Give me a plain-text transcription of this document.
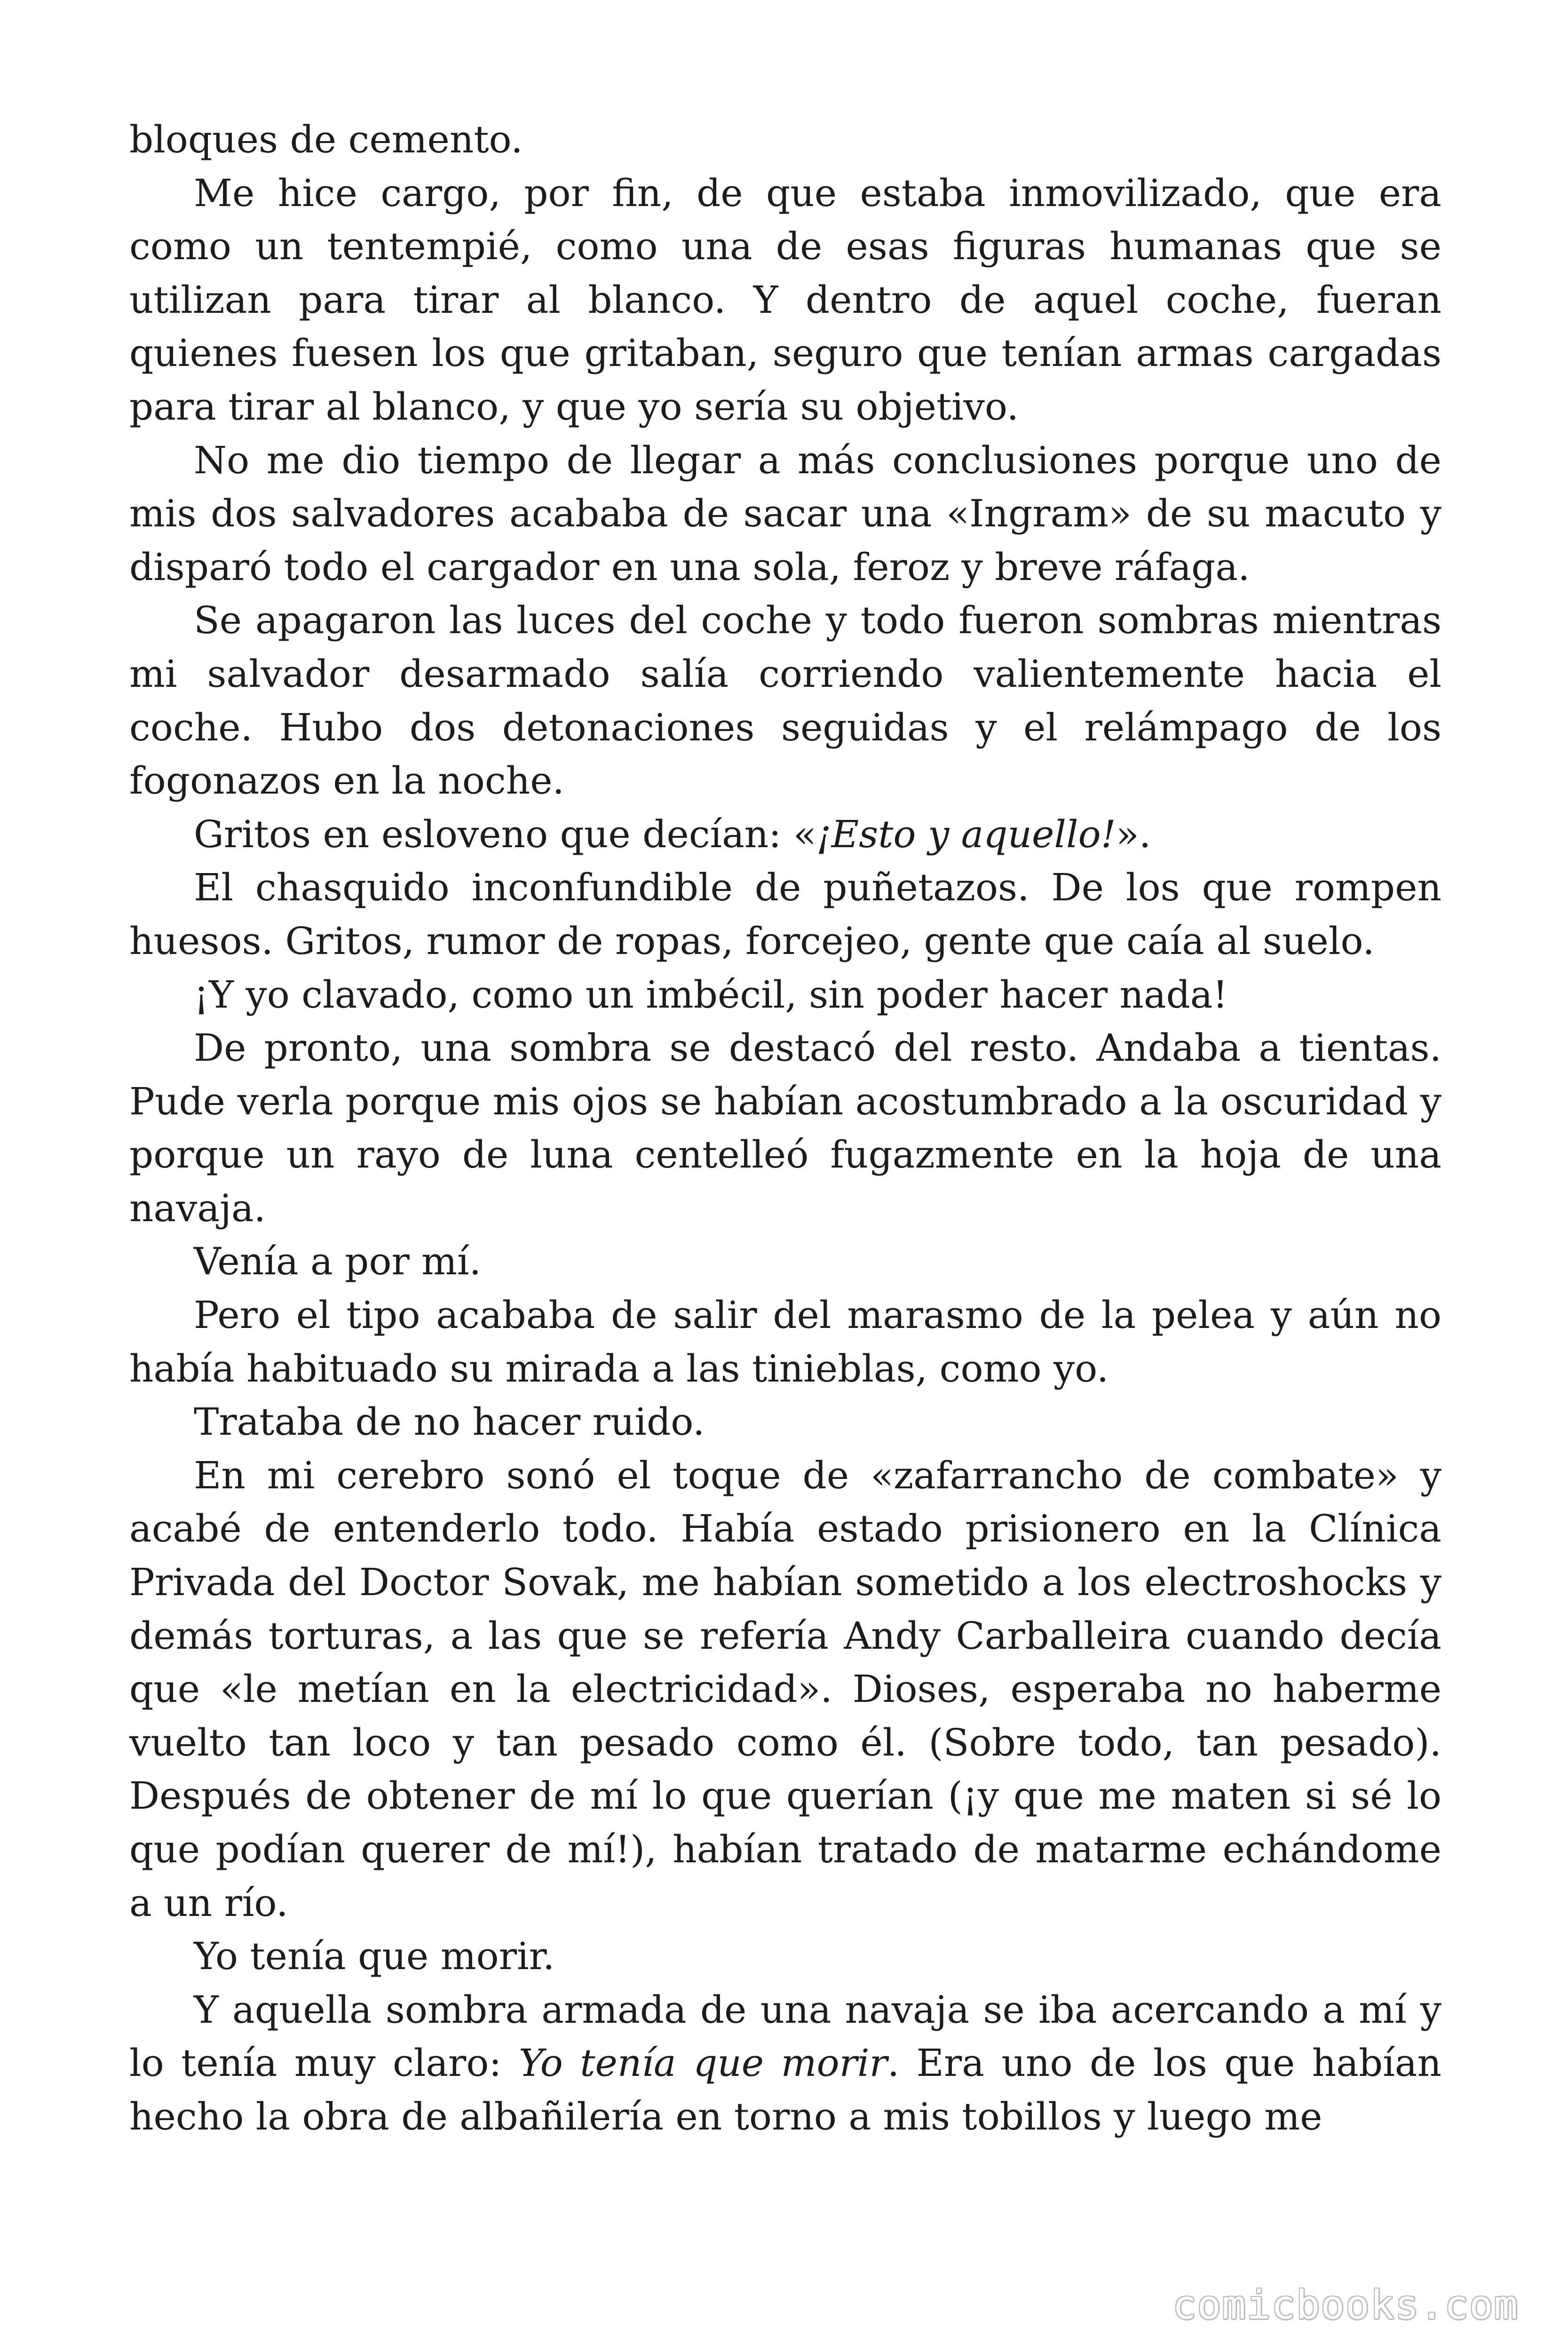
bloques de cemento.

Me hice cargo, por fin, de que estaba inmovilizado, que era como un tentempié, como una de esas figuras humanas que se utilizan para tirar al blanco. Y dentro de aquel coche, fueran quienes fuesen los que gritaban, seguro que tenían armas cargadas para tirar al blanco, y que yo sería su objetivo.

No me dio tiempo de llegar a más conclusiones porque uno de mis dos salvadores acababa de sacar una «Ingram» de su macuto y disparó todo el cargador en una sola, feroz y breve ráfaga.

Se apagaron las luces del coche y todo fueron sombras mientras mi salvador desarmado salía corriendo valientemente hacia el coche. Hubo dos detonaciones seguidas y el relámpago de los fogonazos en la noche.

Gritos en esloveno que decían: «¡Esto y aquello!».

El chasquido inconfundible de puñetazos. De los que rompen huesos. Gritos, rumor de ropas, forcejeo, gente que caía al suelo.

¡Y yo clavado, como un imbécil, sin poder hacer nada!

De pronto, una sombra se destacó del resto. Andaba a tientas. Pude verla porque mis ojos se habían acostumbrado a la oscuridad y porque un rayo de luna centelleó fugazmente en la hoja de una navaja.

Venía a por mí.

Pero el tipo acababa de salir del marasmo de la pelea y aún no había habituado su mirada a las tinieblas, como yo.

Trataba de no hacer ruido.

En mi cerebro sonó el toque de «zafarrancho de combate» y acabé de entenderlo todo. Había estado prisionero en la Clínica Privada del Doctor Sovak, me habían sometido a los electroshocks y demás torturas, a las que se refería Andy Carballeira cuando decía que «le metían en la electricidad». Dioses, esperaba no haberme vuelto tan loco y tan pesado como él. (Sobre todo, tan pesado). Después de obtener de mí lo que querían (¡y que me maten si sé lo que podían querer de mí!), habían tratado de matarme echándome a un río.

Yo tenía que morir.

Y aquella sombra armada de una navaja se iba acercando a mí y lo tenía muy claro: Yo tenía que morir. Era uno de los que habían hecho la obra de albañilería en torno a mis tobillos y luego me

comicbooks.com
